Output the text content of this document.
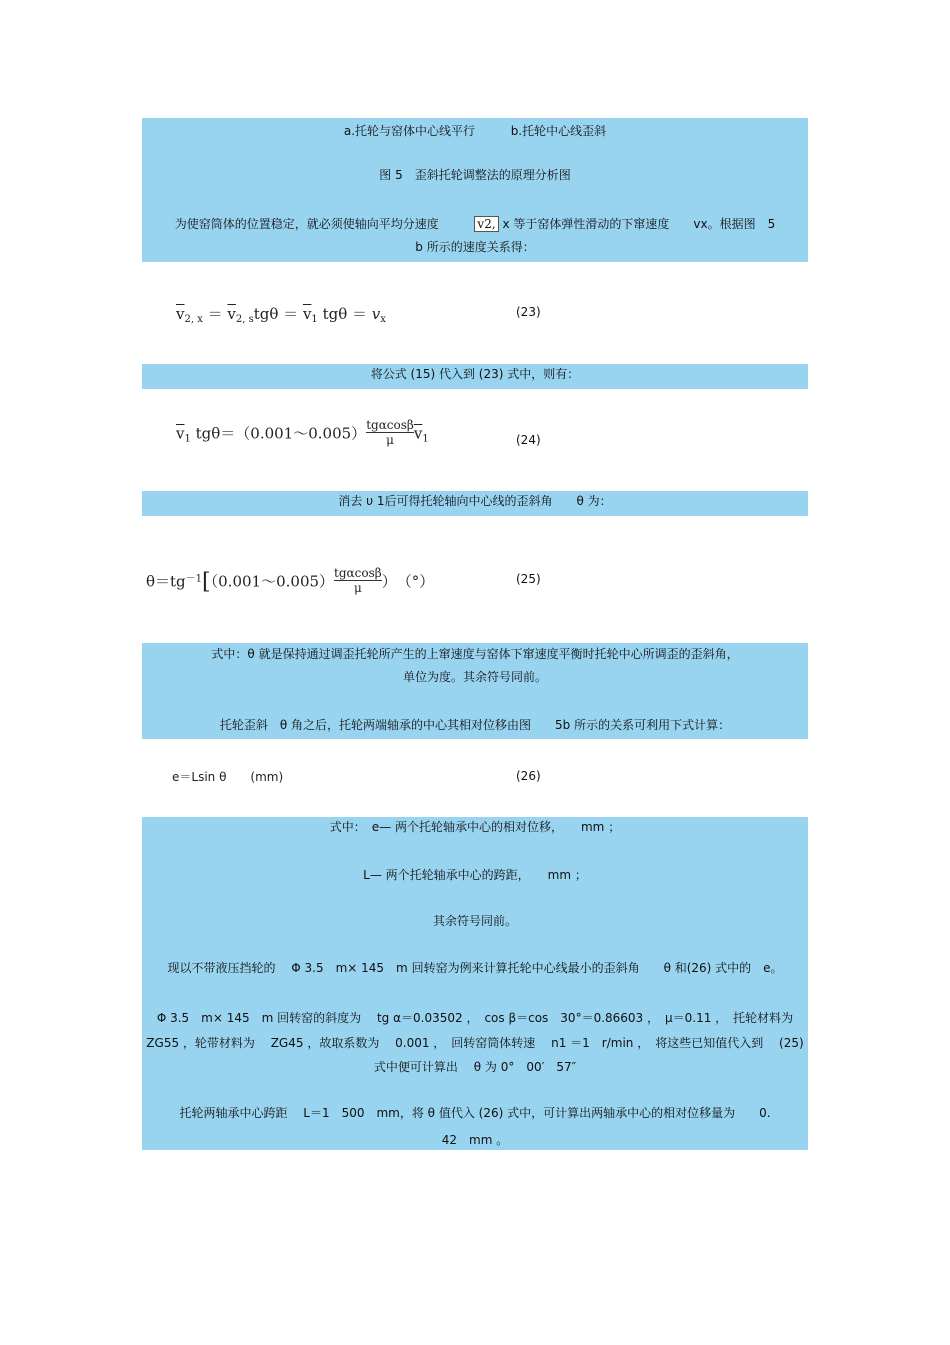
a.托轮与窑体中心线平行	b.托轮中心线歪斜
图 5　歪斜托轮调整法的原理分析图
为使窑筒体的位置稳定，就必须使轴向平均分速度	v2, x 等于窑体弹性滑动的下窜速度　　vx。根据图　5
b 所示的速度关系得：
$\overline{v}_{2, x} = \overline{v}_{2, s}tg\theta = \overline{v}_1$ $tg\theta = v_x$
(23)
将公式 (15) 代入到 (23) 式中，则有：
$\overline{v}_1$ tgθ＝（0.001～0.005） $\frac{\text{tgαcosβ}}{\mu} \overline{v}_1$	(24)
消去 υ 1后可得托轮轴向中心线的歪斜角　　θ 为：
$\theta=tg^{-1}[(0.001\sim 0.005) \frac{\text{tgαcosβ}}{\mu}$ ）　（°）	(25)
式中：θ 就是保持通过调歪托轮所产生的上窜速度与窑体下窜速度平衡时托轮中心所调歪的歪斜角，
单位为度。其余符号同前。
托轮歪斜　θ 角之后，托轮两端轴承的中心其相对位移由图　　5b 所示的关系可利用下式计算：
e＝Lsin θ　　(mm)	(26)
式中：　e— 两个托轮轴承中心的相对位移，　　mm ；
L— 两个托轮轴承中心的跨距，　　mm ；
其余符号同前。
现以不带液压挡轮的　 Φ 3.5　m× 145　m 回转窑为例来计算托轮中心线最小的歪斜角　　θ 和(26) 式中的　e。
Φ 3.5　m× 145　m 回转窑的斜度为　 tg α＝0.03502 ，　cos β＝cos　30°＝0.86603 ，　μ＝0.11 ，　托轮材料为
ZG55 ，轮带材料为　 ZG45 ，故取系数为　 0.001 ，　回转窑筒体转速　 n1 ＝1　r/min ，　将这些已知值代入到　 (25)
式中便可计算出　 θ 为 0°　00′　57″
托轮两轴承中心跨距　 L＝1　500　mm，将 θ 值代入 (26) 式中，可计算出两轴承中心的相对位移量为　　0.
42　mm 。
